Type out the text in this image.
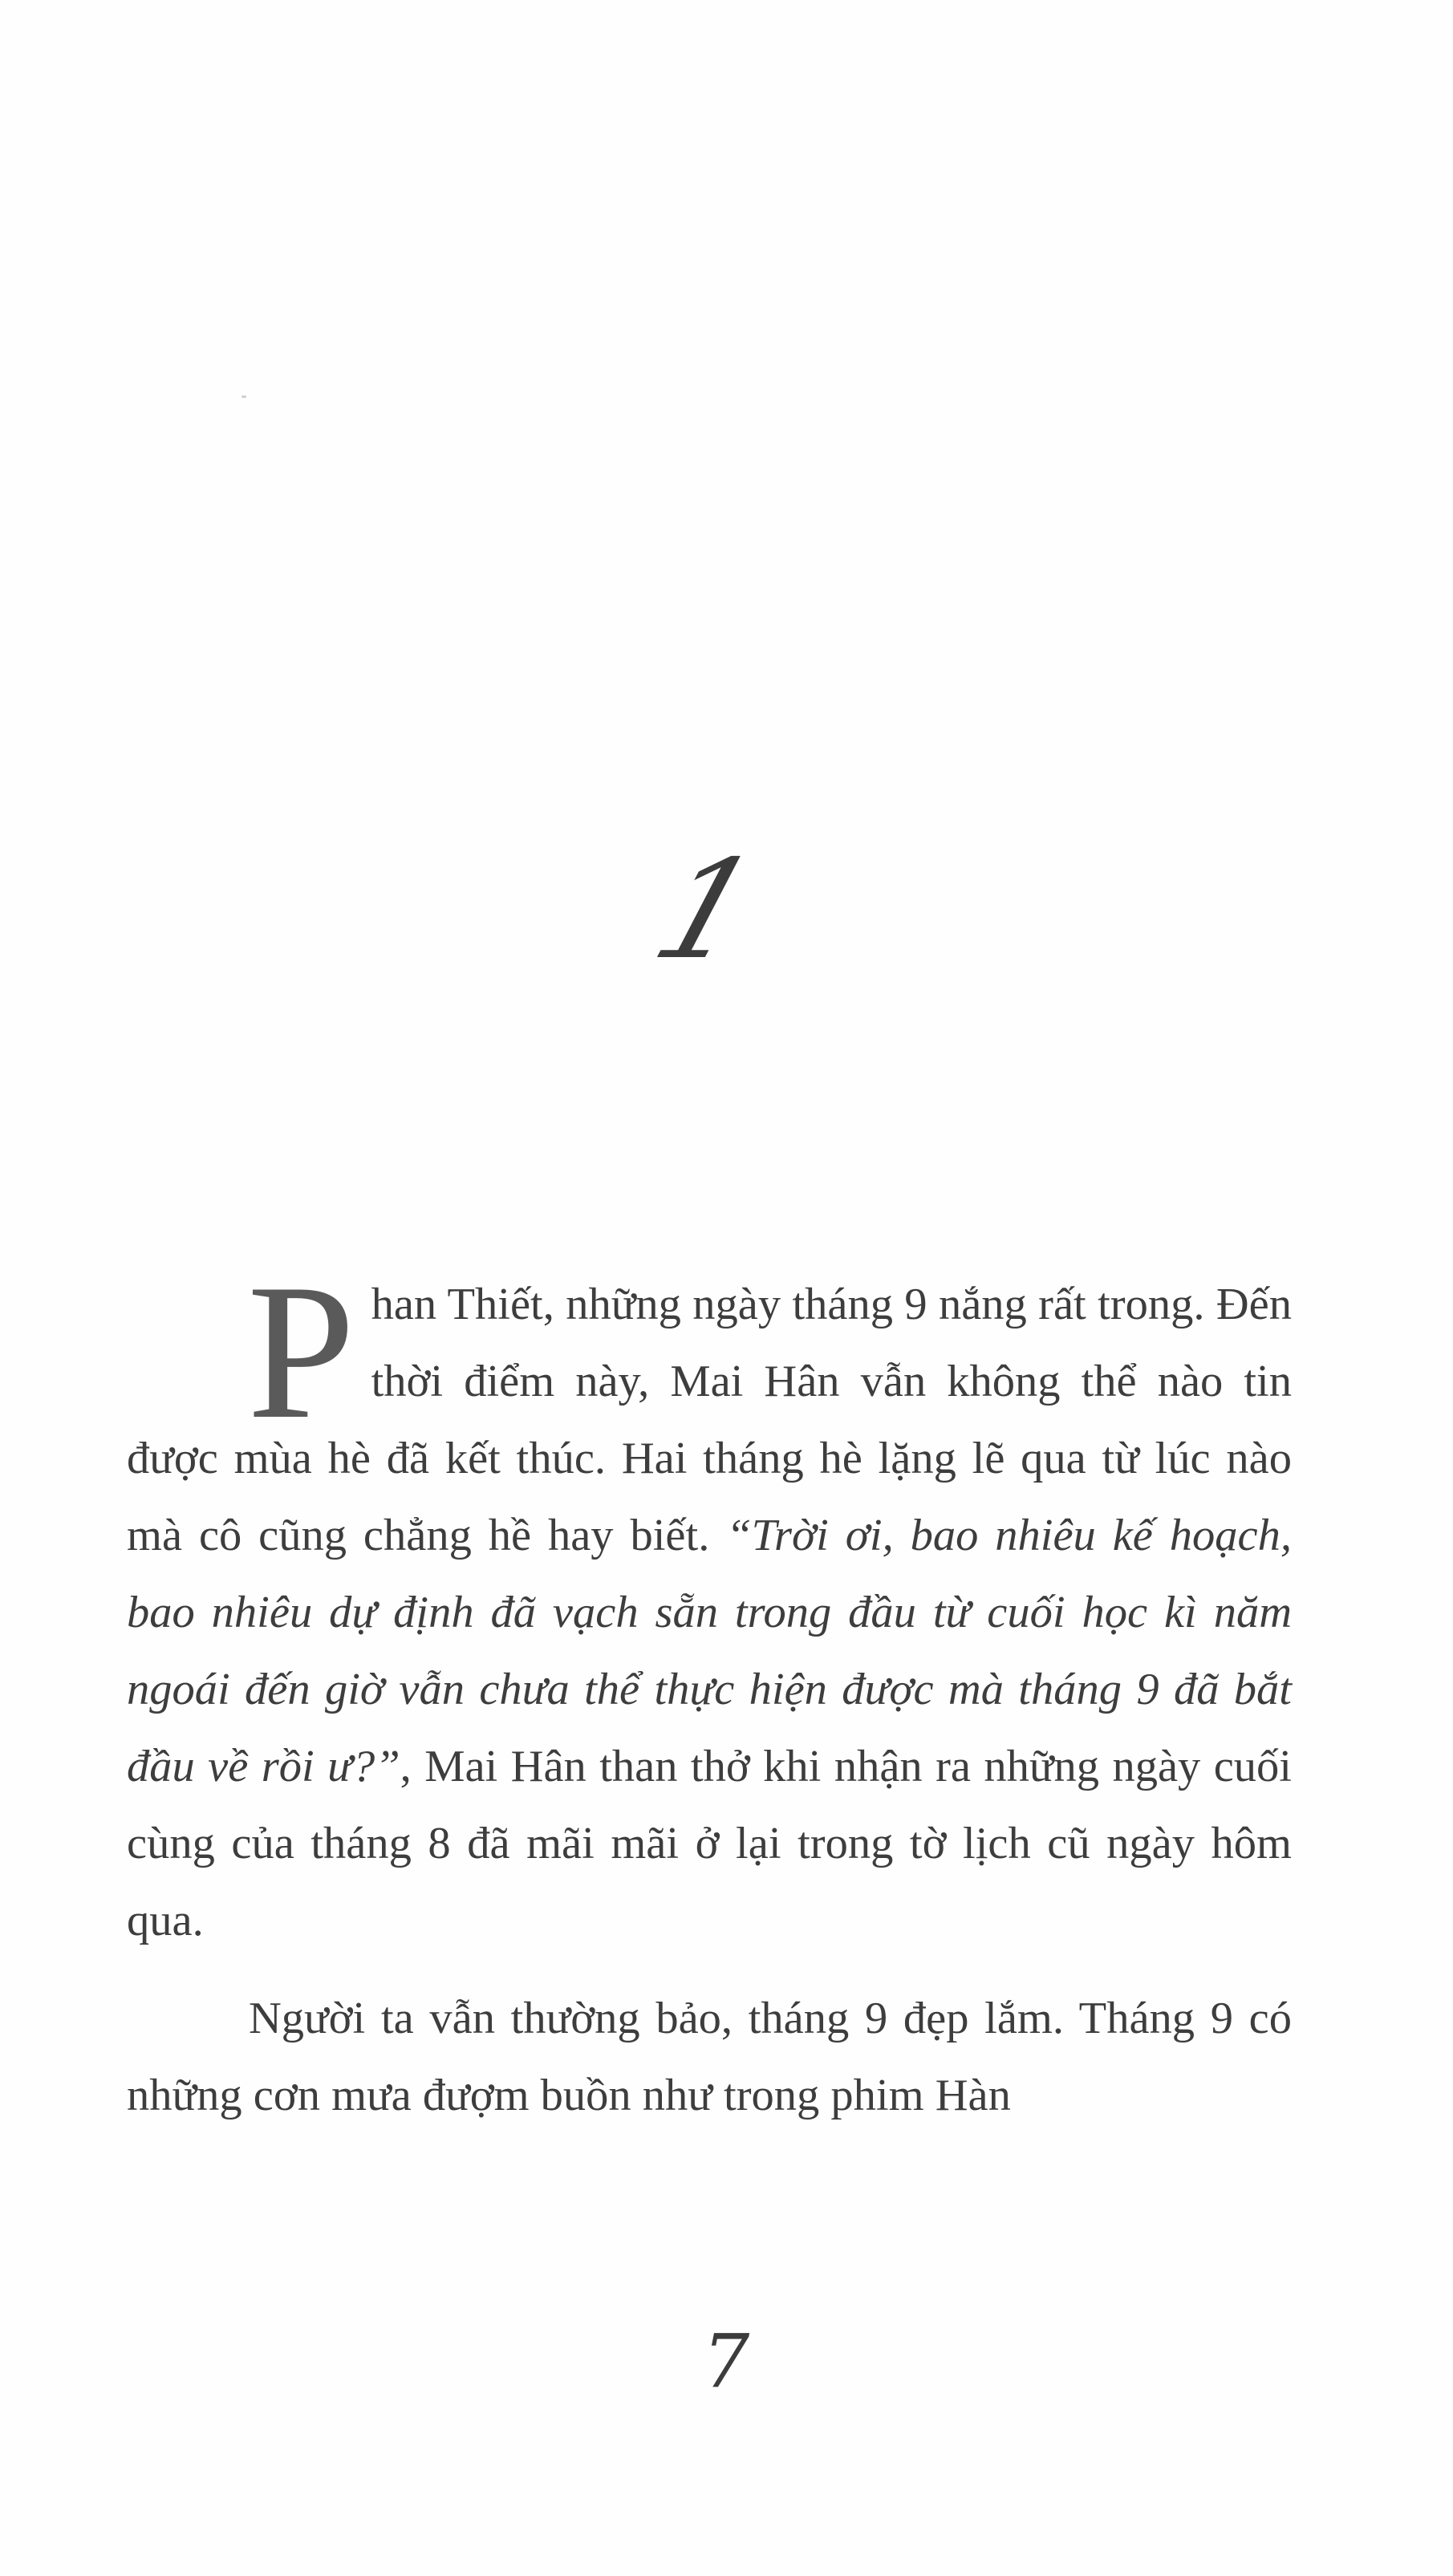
1

Phan Thiết, những ngày tháng 9 nắng rất trong. Đến thời điểm này, Mai Hân vẫn không thể nào tin được mùa hè đã kết thúc. Hai tháng hè lặng lẽ qua từ lúc nào mà cô cũng chẳng hề hay biết. “Trời ơi, bao nhiêu kế hoạch, bao nhiêu dự định đã vạch sẵn trong đầu từ cuối học kì năm ngoái đến giờ vẫn chưa thể thực hiện được mà tháng 9 đã bắt đầu về rồi ư?”, Mai Hân than thở khi nhận ra những ngày cuối cùng của tháng 8 đã mãi mãi ở lại trong tờ lịch cũ ngày hôm qua.

Người ta vẫn thường bảo, tháng 9 đẹp lắm. Tháng 9 có những cơn mưa đượm buồn như trong phim Hàn

7
